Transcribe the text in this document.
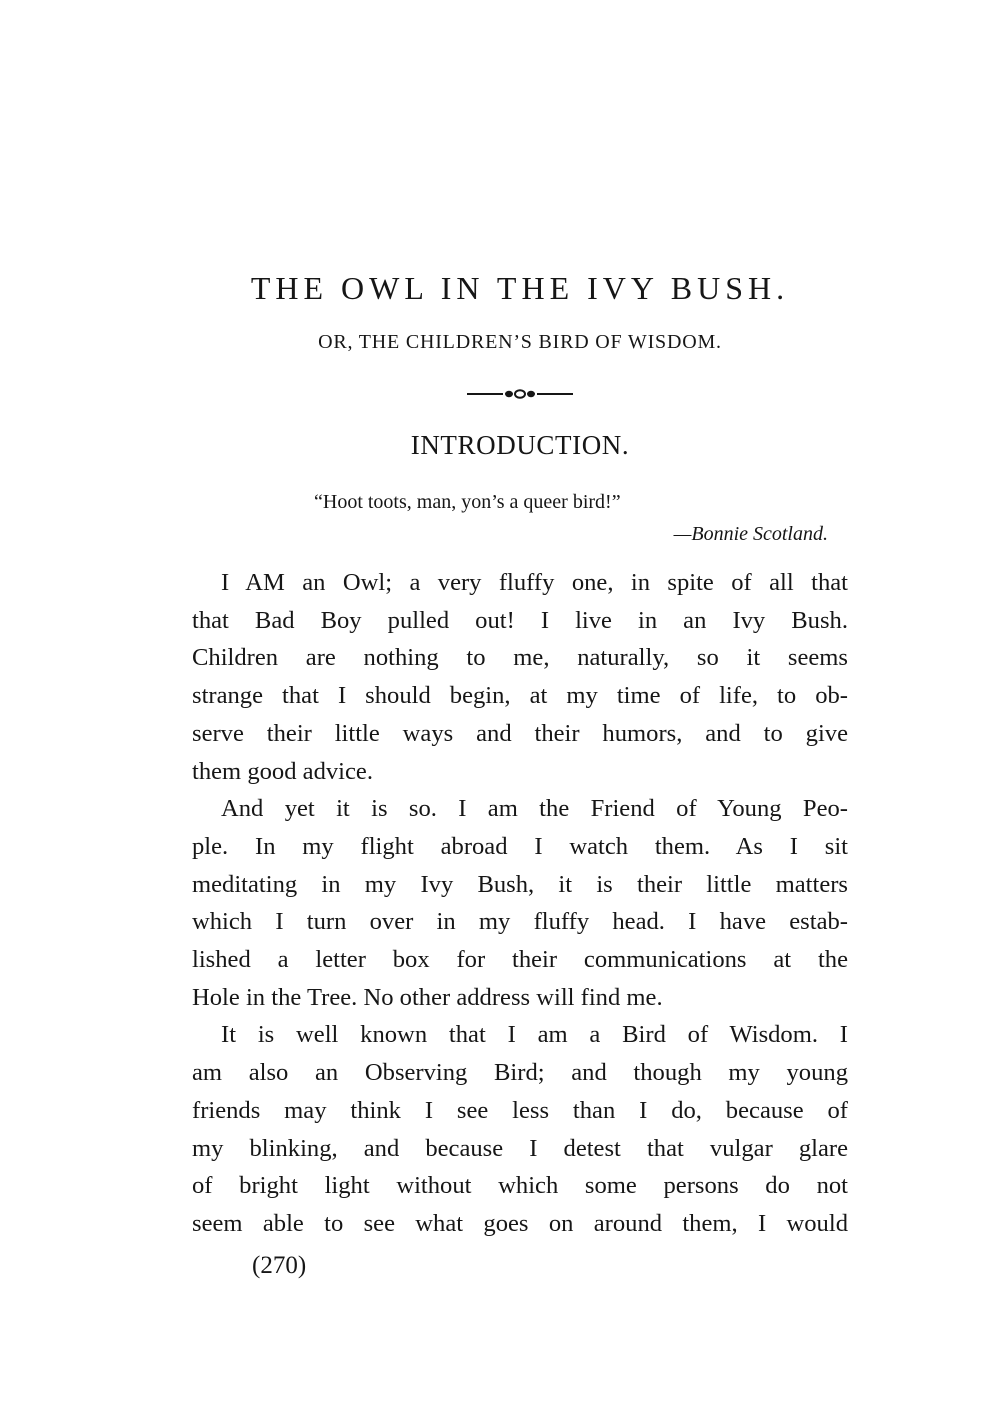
THE OWL IN THE IVY BUSH.
OR, THE CHILDREN’S BIRD OF WISDOM.
INTRODUCTION.
“Hoot toots, man, yon’s a queer bird!”
—Bonnie Scotland.

I AM an Owl; a very fluffy one, in spite of all that
that Bad Boy pulled out! I live in an Ivy Bush.
Children are nothing to me, naturally, so it seems
strange that I should begin, at my time of life, to ob-
serve their little ways and their humors, and to give
them good advice.

And yet it is so. I am the Friend of Young Peo-
ple. In my flight abroad I watch them. As I sit
meditating in my Ivy Bush, it is their little matters
which I turn over in my fluffy head. I have estab-
lished a letter box for their communications at the
Hole in the Tree. No other address will find me.

It is well known that I am a Bird of Wisdom. I
am also an Observing Bird; and though my young
friends may think I see less than I do, because of
my blinking, and because I detest that vulgar glare
of bright light without which some persons do not
seem able to see what goes on around them, I would

(270)
